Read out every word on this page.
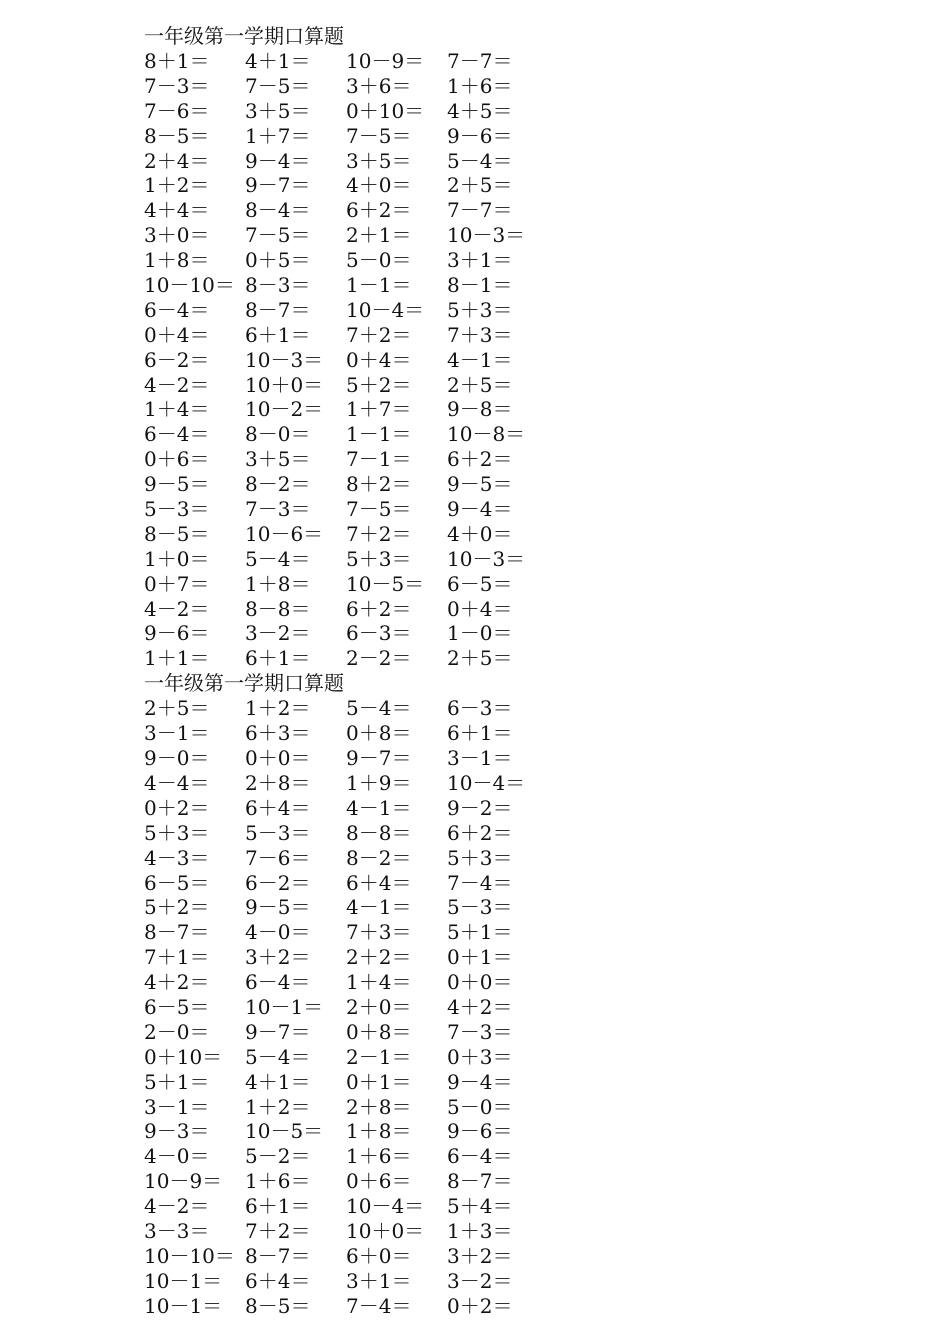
一年级第一学期口算题
8＋1＝	4＋1＝	10－9＝	7－7＝
7－3＝	7－5＝	3＋6＝	1＋6＝
7－6＝	3＋5＝	0＋10＝	4＋5＝
8－5＝	1＋7＝	7－5＝	9－6＝
2＋4＝	9－4＝	3＋5＝	5－4＝
1＋2＝	9－7＝	4＋0＝	2＋5＝
4＋4＝	8－4＝	6＋2＝	7－7＝
3＋0＝	7－5＝	2＋1＝	10－3＝
1＋8＝	0＋5＝	5－0＝	3＋1＝
10－10＝ 8－3＝	1－1＝	8－1＝
6－4＝	8－7＝	10－4＝	5＋3＝
0＋4＝	6＋1＝	7＋2＝	7＋3＝
6－2＝	10－3＝	0＋4＝	4－1＝
4－2＝	10＋0＝	5＋2＝	2＋5＝
1＋4＝	10－2＝	1＋7＝	9－8＝
6－4＝	8－0＝	1－1＝	10－8＝
0＋6＝	3＋5＝	7－1＝	6＋2＝
9－5＝	8－2＝	8＋2＝	9－5＝
5－3＝	7－3＝	7－5＝	9－4＝
8－5＝	10－6＝	7＋2＝	4＋0＝
1＋0＝	5－4＝	5＋3＝	10－3＝
0＋7＝	1＋8＝	10－5＝	6－5＝
4－2＝	8－8＝	6＋2＝	0＋4＝
9－6＝	3－2＝	6－3＝	1－0＝
1＋1＝	6＋1＝	2－2＝	2＋5＝
一年级第一学期口算题
2＋5＝	1＋2＝	5－4＝	6－3＝
3－1＝	6＋3＝	0＋8＝	6＋1＝
9－0＝	0＋0＝	9－7＝	3－1＝
4－4＝	2＋8＝	1＋9＝	10－4＝
0＋2＝	6＋4＝	4－1＝	9－2＝
5＋3＝	5－3＝	8－8＝	6＋2＝
4－3＝	7－6＝	8－2＝	5＋3＝
6－5＝	6－2＝	6＋4＝	7－4＝
5＋2＝	9－5＝	4－1＝	5－3＝
8－7＝	4－0＝	7＋3＝	5＋1＝
7＋1＝	3＋2＝	2＋2＝	0＋1＝
4＋2＝	6－4＝	1＋4＝	0＋0＝
6－5＝	10－1＝	2＋0＝	4＋2＝
2－0＝	9－7＝	0＋8＝	7－3＝
0＋10＝	5－4＝	2－1＝	0＋3＝
5＋1＝	4＋1＝	0＋1＝	9－4＝
3－1＝	1＋2＝	2＋8＝	5－0＝
9－3＝	10－5＝	1＋8＝	9－6＝
4－0＝	5－2＝	1＋6＝	6－4＝
10－9＝	1＋6＝	0＋6＝	8－7＝
4－2＝	6＋1＝	10－4＝	5＋4＝
3－3＝	7＋2＝	10＋0＝	1＋3＝
10－10＝ 8－7＝	6＋0＝	3＋2＝
10－1＝	6＋4＝	3＋1＝	3－2＝
10－1＝	8－5＝	7－4＝	0＋2＝
